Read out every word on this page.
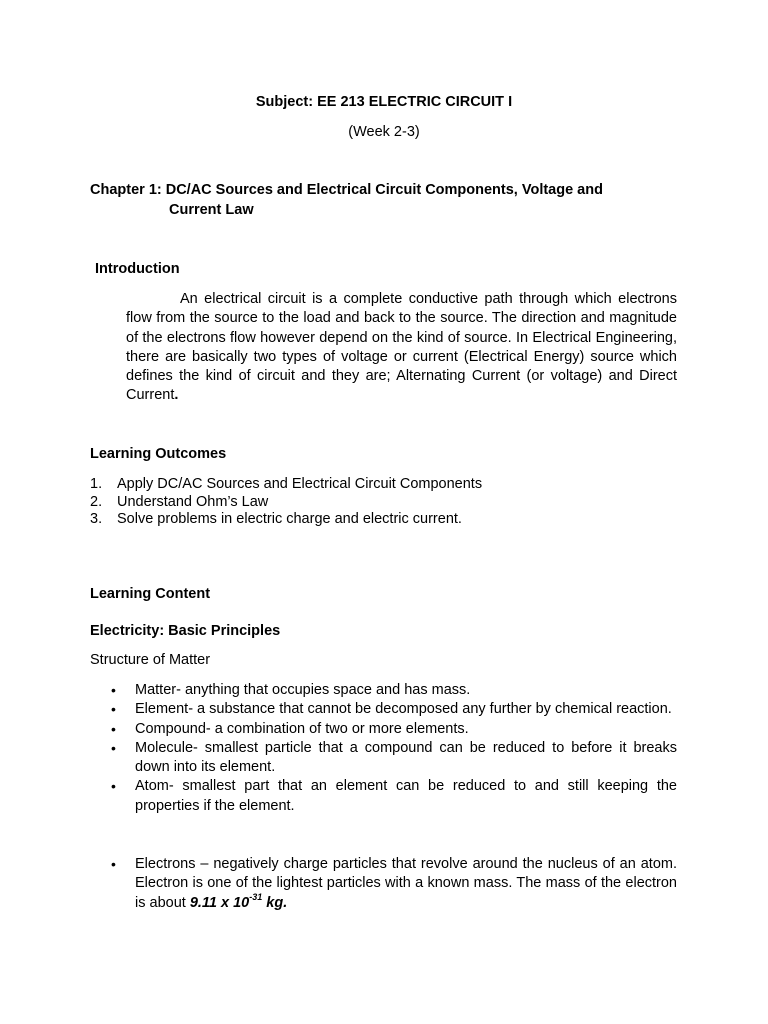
Subject: EE 213 ELECTRIC CIRCUIT I
(Week 2-3)
Chapter 1: DC/AC Sources and Electrical Circuit Components, Voltage and
Current Law
Introduction
An electrical circuit is a complete conductive path through which electrons flow from the source to the load and back to the source. The direction and magnitude of the electrons flow however depend on the kind of source. In Electrical Engineering, there are basically two types of voltage or current (Electrical Energy) source which defines the kind of circuit and they are; Alternating Current (or voltage) and Direct Current.
Learning Outcomes
1.	Apply DC/AC Sources and Electrical Circuit Components
2.	Understand Ohm’s Law
3.	Solve problems in electric charge and electric current.
Learning Content
Electricity: Basic Principles
Structure of Matter
•	Matter- anything that occupies space and has mass.
•	Element- a substance that cannot be decomposed any further by chemical reaction.
•	Compound- a combination of two or more elements.
•	Molecule- smallest particle that a compound can be reduced to before it breaks down into its element.
•	Atom- smallest part that an element can be reduced to and still keeping the properties if the element.
•	Electrons – negatively charge particles that revolve around the nucleus of an atom. Electron is one of the lightest particles with a known mass. The mass of the electron is about 9.11 x $10^{-31}$ kg.
